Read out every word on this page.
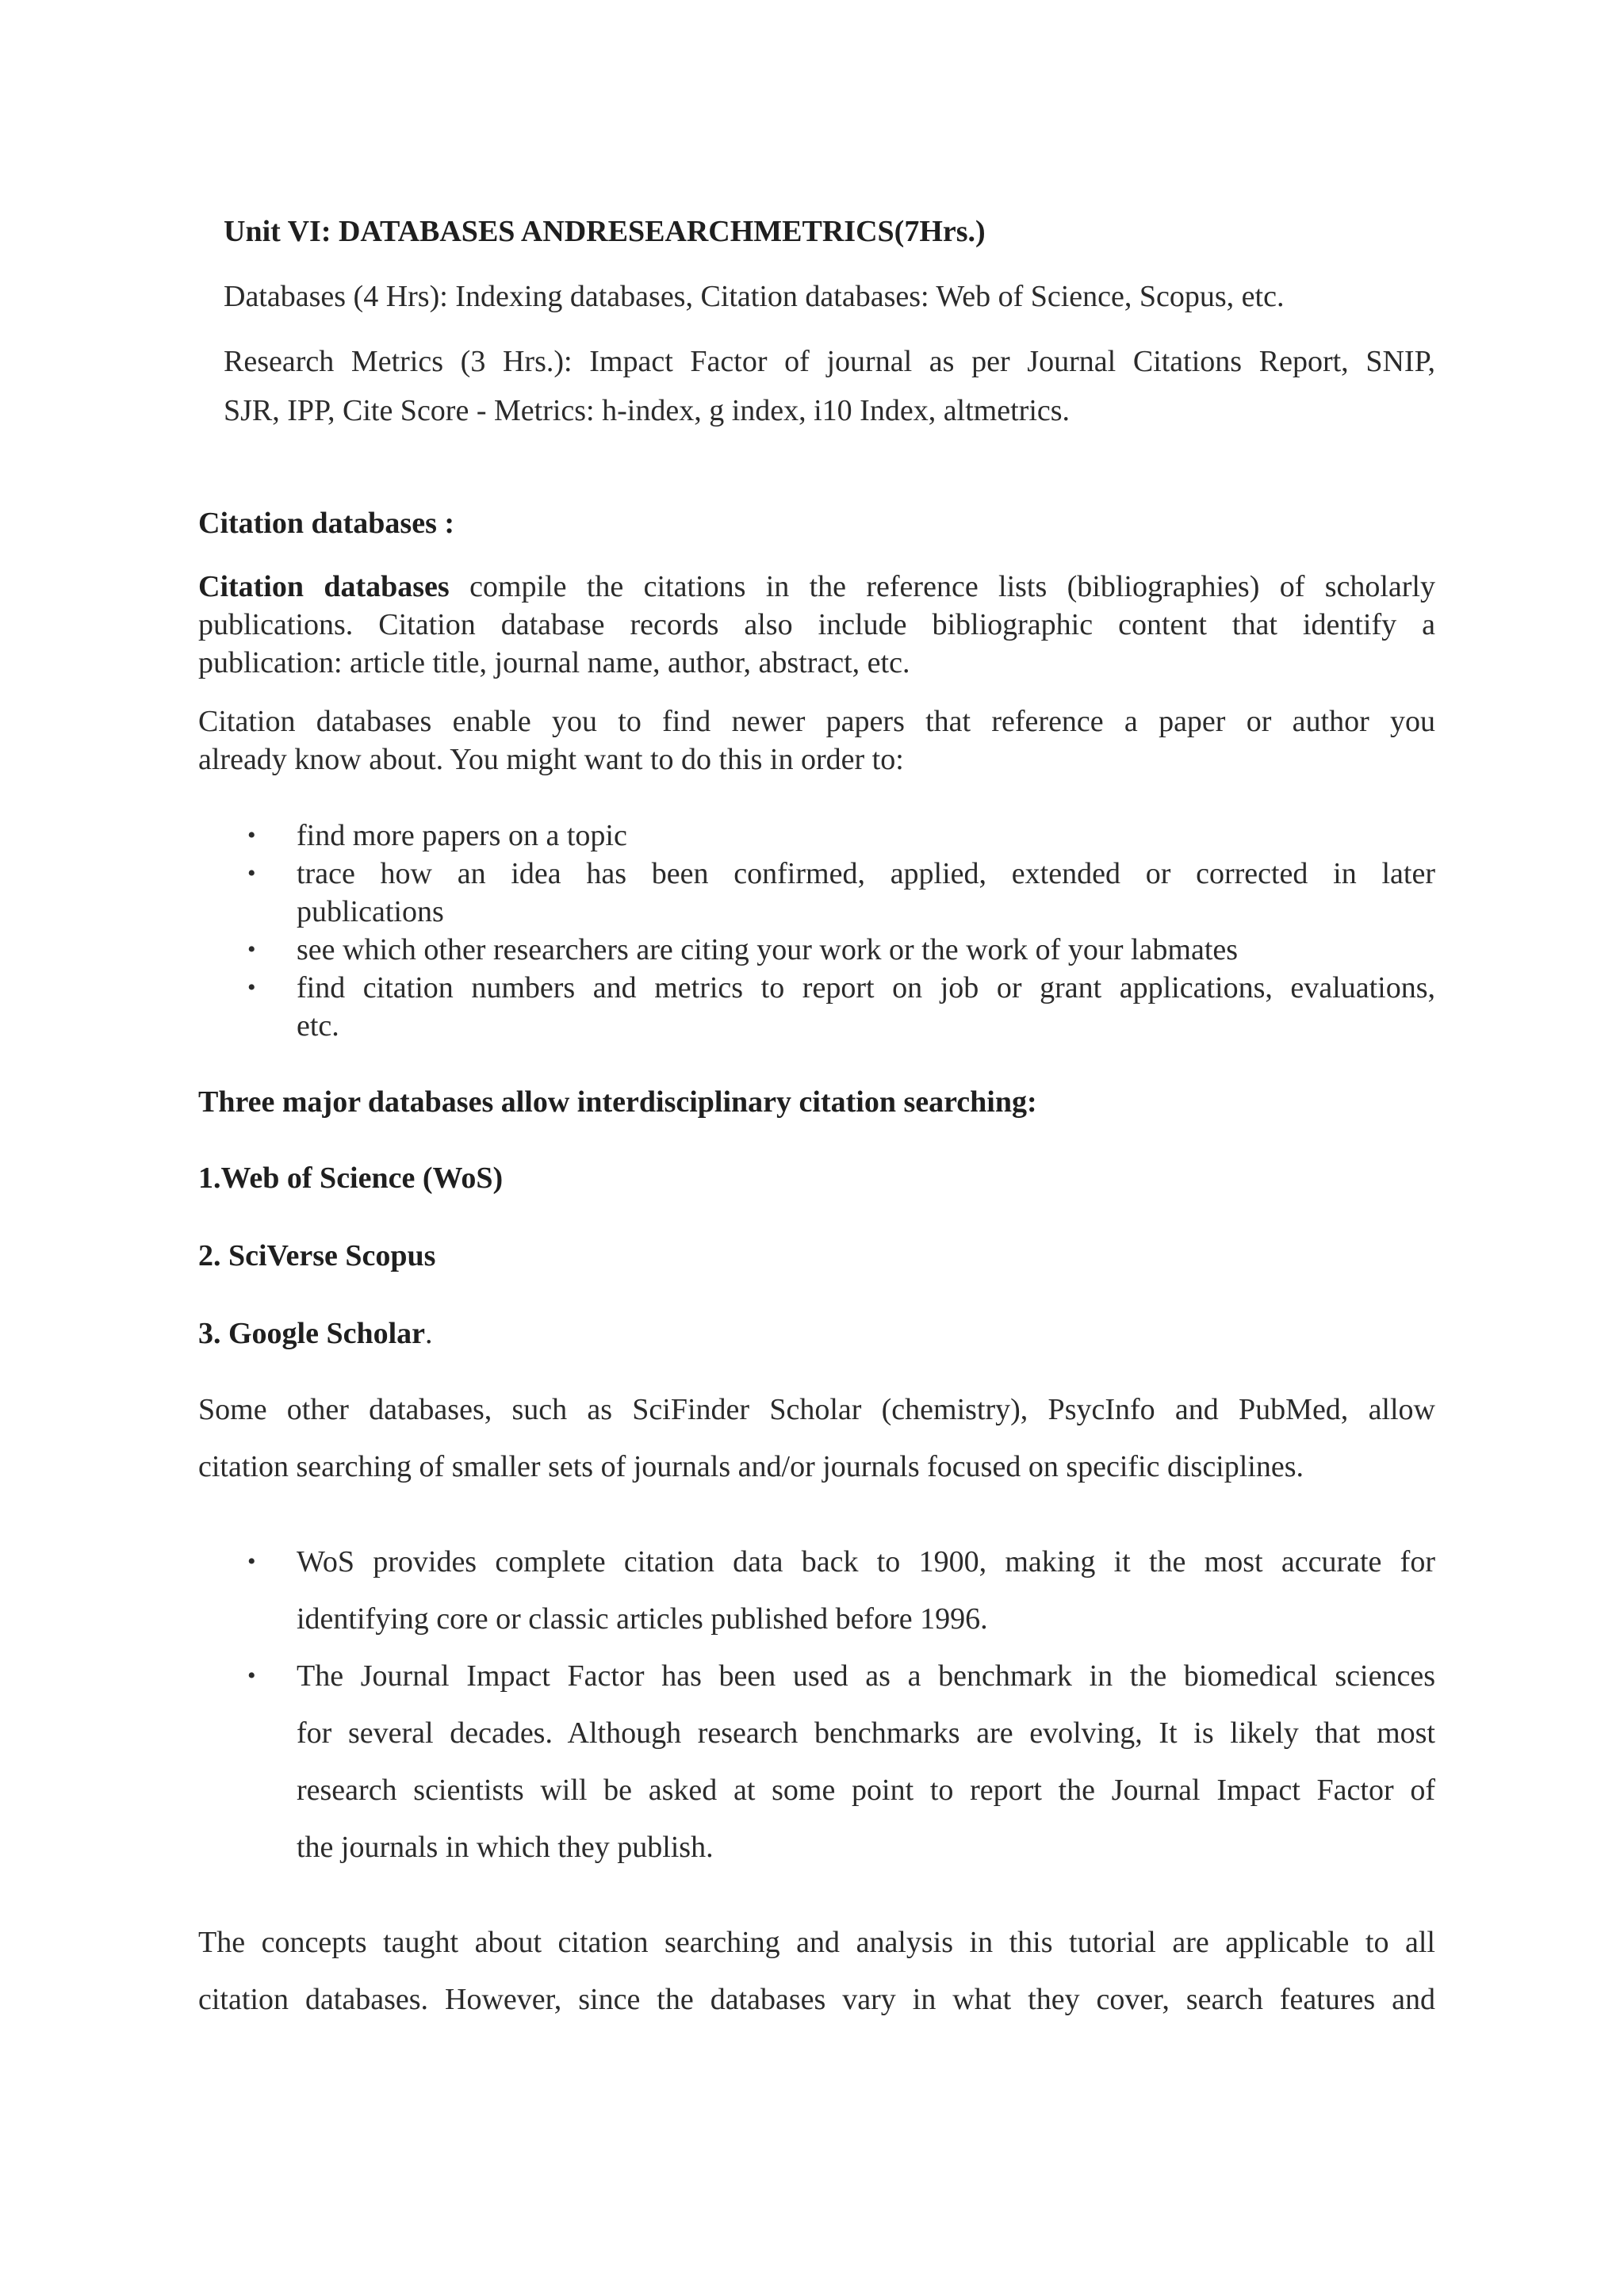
Unit VI: DATABASES ANDRESEARCHMETRICS(7Hrs.)
Databases (4 Hrs): Indexing databases, Citation databases: Web of Science, Scopus, etc.
Research Metrics (3 Hrs.): Impact Factor of journal as per Journal Citations Report, SNIP,
SJR, IPP, Cite Score - Metrics: h-index, g index, i10 Index, altmetrics.
Citation databases :
Citation databases compile the citations in the reference lists (bibliographies) of scholarly
publications. Citation database records also include bibliographic content that identify a
publication: article title, journal name, author, abstract, etc.
Citation databases enable you to find newer papers that reference a paper or author you
already know about. You might want to do this in order to:
• find more papers on a topic
• trace how an idea has been confirmed, applied, extended or corrected in later
publications
• see which other researchers are citing your work or the work of your labmates
• find citation numbers and metrics to report on job or grant applications, evaluations,
etc.
Three major databases allow interdisciplinary citation searching:
1.Web of Science (WoS)
2. SciVerse Scopus
3. Google Scholar.
Some other databases, such as SciFinder Scholar (chemistry), PsycInfo and PubMed, allow
citation searching of smaller sets of journals and/or journals focused on specific disciplines.
• WoS provides complete citation data back to 1900, making it the most accurate for
identifying core or classic articles published before 1996.
• The Journal Impact Factor has been used as a benchmark in the biomedical sciences
for several decades. Although research benchmarks are evolving, It is likely that most
research scientists will be asked at some point to report the Journal Impact Factor of
the journals in which they publish.
The concepts taught about citation searching and analysis in this tutorial are applicable to all
citation databases. However, since the databases vary in what they cover, search features and
